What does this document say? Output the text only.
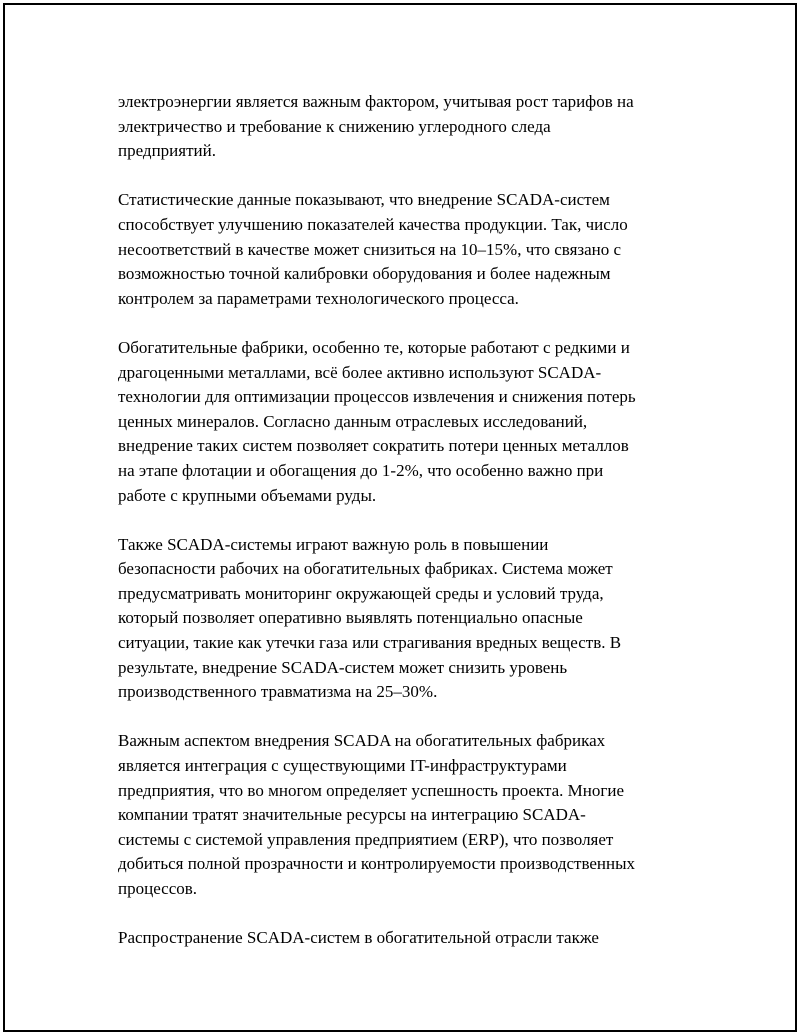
электроэнергии является важным фактором, учитывая рост тарифов на
электричество и требование к снижению углеродного следа
предприятий.

Статистические данные показывают, что внедрение SCADA-систем
способствует улучшению показателей качества продукции. Так, число
несоответствий в качестве может снизиться на 10–15%, что связано с
возможностью точной калибровки оборудования и более надежным
контролем за параметрами технологического процесса.

Обогатительные фабрики, особенно те, которые работают с редкими и
драгоценными металлами, всё более активно используют SCADA-
технологии для оптимизации процессов извлечения и снижения потерь
ценных минералов. Согласно данным отраслевых исследований,
внедрение таких систем позволяет сократить потери ценных металлов
на этапе флотации и обогащения до 1-2%, что особенно важно при
работе с крупными объемами руды.

Также SCADA-системы играют важную роль в повышении
безопасности рабочих на обогатительных фабриках. Система может
предусматривать мониторинг окружающей среды и условий труда,
который позволяет оперативно выявлять потенциально опасные
ситуации, такие как утечки газа или страгивания вредных веществ. В
результате, внедрение SCADA-систем может снизить уровень
производственного травматизма на 25–30%.

Важным аспектом внедрения SCADA на обогатительных фабриках
является интеграция с существующими IT-инфраструктурами
предприятия, что во многом определяет успешность проекта. Многие
компании тратят значительные ресурсы на интеграцию SCADA-
системы с системой управления предприятием (ERP), что позволяет
добиться полной прозрачности и контролируемости производственных
процессов.

Распространение SCADA-систем в обогатительной отрасли также
